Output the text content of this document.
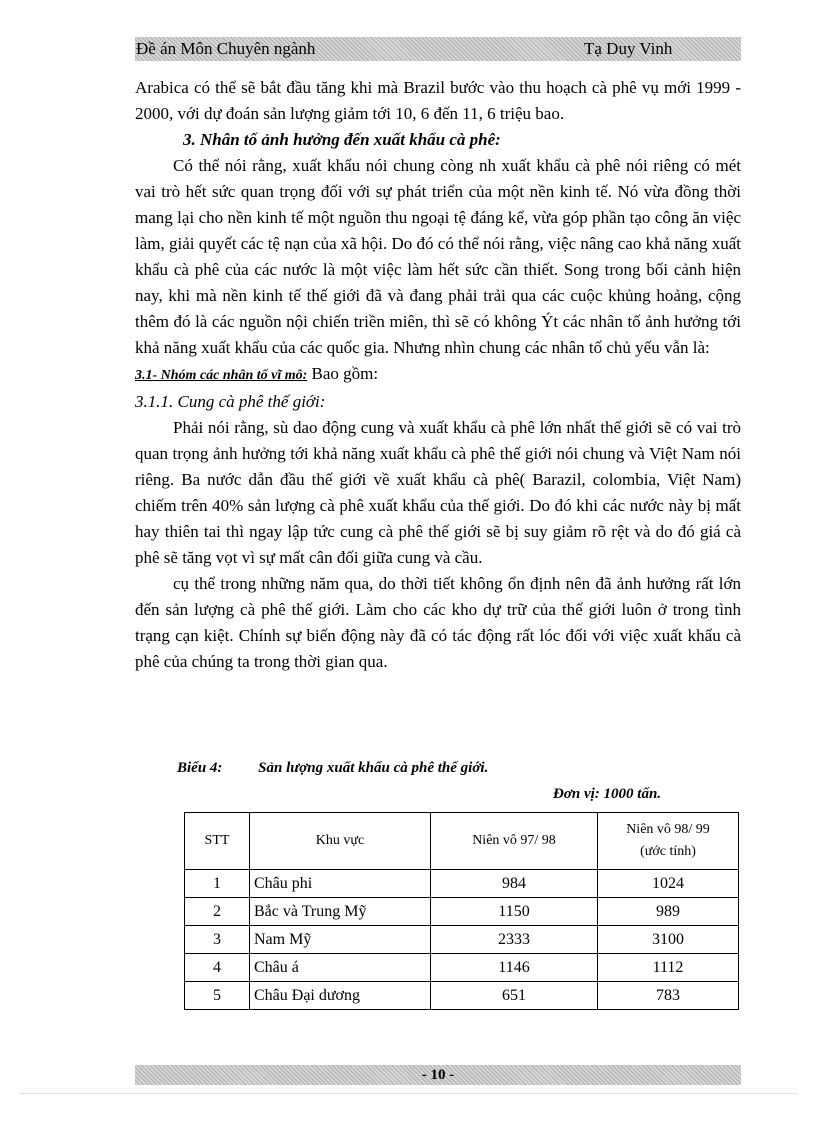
Đề án Môn Chuyên ngành	Tạ Duy Vinh

Arabica có thể sẽ bắt đầu tăng khi mà Brazil bước vào thu hoạch cà phê vụ mới 1999 - 2000, với dự đoán sản lượng giảm tới 10, 6 đến 11, 6 triệu bao.

3. Nhân tố ảnh hưởng đến xuất khẩu cà phê:

Có thể nói rằng, xuất khẩu nói chung còng nh xuất khẩu cà phê nói riêng có mét vai trò hết sức quan trọng đối với sự phát triển của một nền kinh tế. Nó vừa đồng thời mang lại cho nền kinh tế một nguồn thu ngoại tệ đáng kể, vừa góp phần tạo công ăn việc làm, giải quyết các tệ nạn của xã hội. Do đó có thể nói rằng, việc nâng cao khả năng xuất khẩu cà phê của các nước là một việc làm hết sức cần thiết. Song trong bối cảnh hiện nay, khi mà nền kinh tế thế giới đã và đang phải trải qua các cuộc khủng hoảng, cộng thêm đó là các nguồn nội chiến triền miên, thì sẽ có không Ýt các nhân tố ảnh hưởng tới khả năng xuất khẩu của các quốc gia. Nhưng nhìn chung các nhân tố chủ yếu vẫn là:

3.1- Nhóm các nhân tố vĩ mô: Bao gồm:
3.1.1. Cung cà phê thế giới:

Phải nói rằng, sù dao động cung và xuất khẩu cà phê lớn nhất thế giới sẽ có vai trò quan trọng ảnh hưởng tới khả năng xuất khẩu cà phê thế giới nói chung và Việt Nam nói riêng. Ba nước dẫn đầu thế giới về xuất khẩu cà phê( Barazil, colombia, Việt Nam) chiếm trên 40% sản lượng cà phê xuất khẩu của thế giới. Do đó khi các nước này bị mất hay thiên tai thì ngay lập tức cung cà phê thế giới sẽ bị suy giảm rõ rệt và do đó giá cà phê sẽ tăng vọt vì sự mất cân đối giữa cung và cầu.

cụ thể trong những năm qua, do thời tiết không ổn định nên đã ảnh hưởng rất lớn đến sản lượng cà phê thế giới. Làm cho các kho dự trữ của thế giới luôn ở trong tình trạng cạn kiệt. Chính sự biến động này đã có tác động rất lóc đối với việc xuất khẩu cà phê của chúng ta trong thời gian qua.

Biểu 4: Sản lượng xuất khẩu cà phê thế giới.
Đơn vị: 1000 tấn.
STT	Khu vực	Niên vô 97/ 98	Niên vô 98/ 99
(ước tính)

1	Châu phi	984	1024
2	Bắc và Trung Mỹ	1150	989
3	Nam Mỹ	2333	3100
4	Châu á	1146	1112
5	Châu Đại dương	651	783
- 10 -
